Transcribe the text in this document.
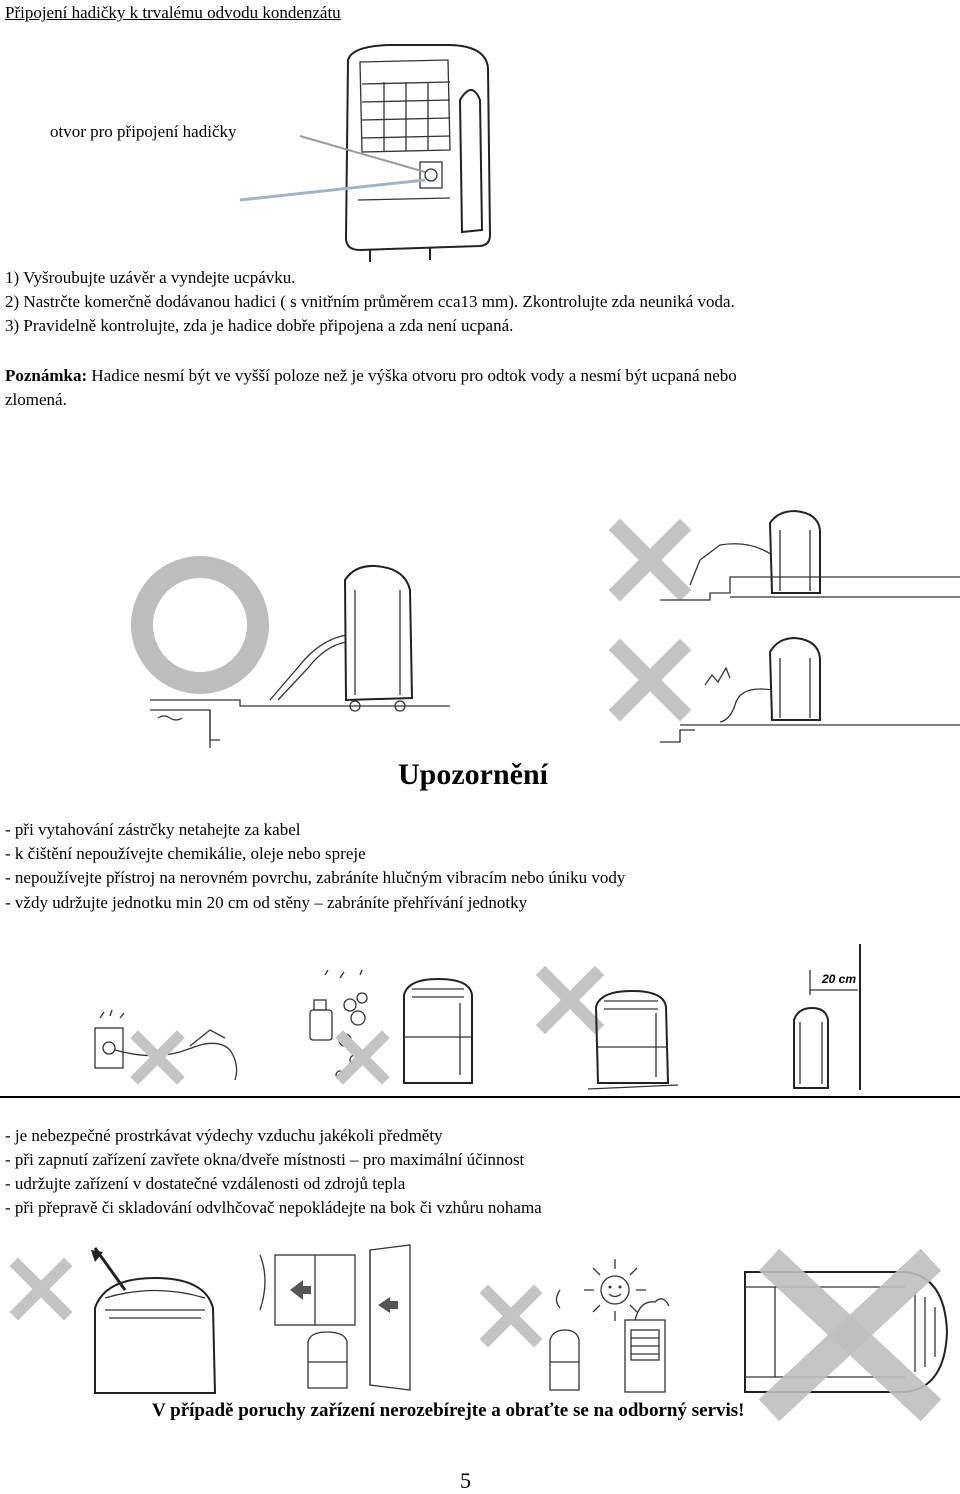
Připojení hadičky k trvalému odvodu kondenzátu
otvor pro připojení hadičky
1) Vyšroubujte uzávěr a vyndejte ucpávku.
2) Nastrčte komerčně dodávanou hadici ( s vnitřním průměrem cca13 mm). Zkontrolujte zda neuniká voda.
3) Pravidelně kontrolujte, zda je hadice dobře připojena a zda není ucpaná.
Poznámka: Hadice nesmí být ve vyšší poloze než je výška otvoru pro odtok vody a nesmí být ucpaná nebo
zlomená.
Upozornění
- při vytahování zástrčky netahejte za kabel
- k čištění nepoužívejte chemikálie, oleje nebo spreje
- nepoužívejte přístroj na nerovném povrchu, zabráníte hlučným vibracím nebo úniku vody
- vždy udržujte jednotku min 20 cm od stěny – zabráníte přehřívání jednotky
20 cm
- je nebezpečné prostrkávat výdechy vzduchu jakékoli předměty
- při zapnutí zařízení zavřete okna/dveře místnosti – pro maximální účinnost
- udržujte zařízení v dostatečné vzdálenosti od zdrojů tepla
- při přepravě či skladování odvlhčovač nepokládejte na bok či vzhůru nohama
V případě poruchy zařízení nerozebírejte a obraťte se na odborný servis!
5
